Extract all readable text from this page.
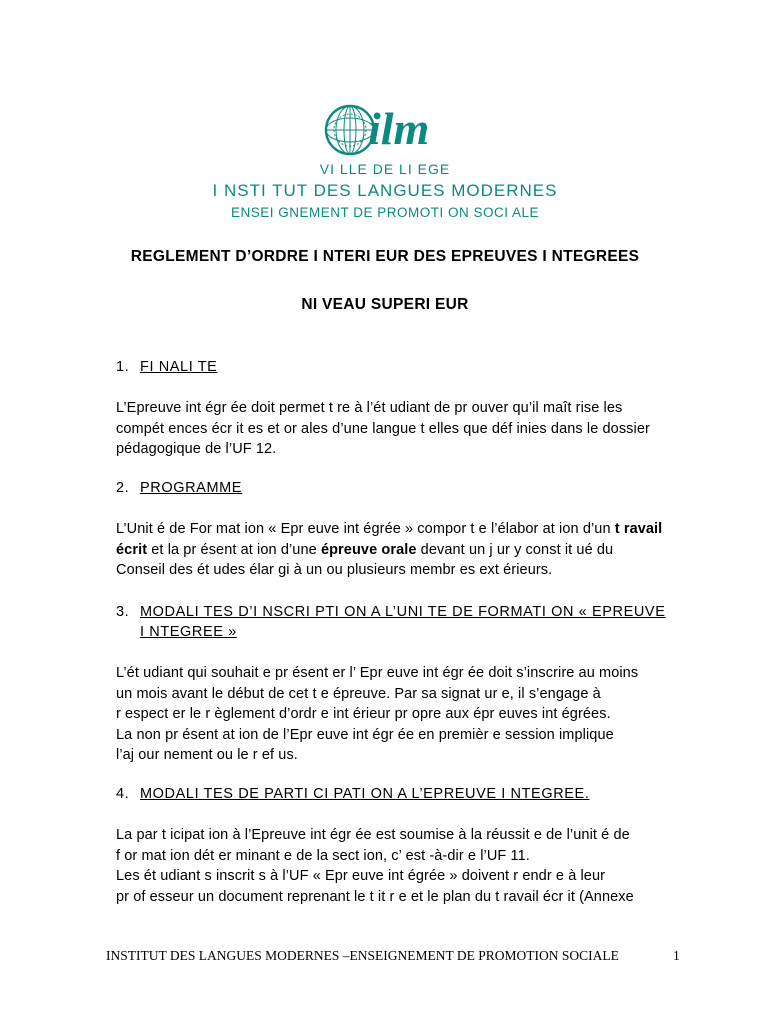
ilm
VI LLE DE LI EGE
I NSTI TUT DES LANGUES MODERNES
ENSEI GNEMENT DE PROMOTI ON SOCI ALE
REGLEMENT D’ORDRE I NTERI EUR DES EPREUVES I NTEGREES
NI VEAU SUPERI EUR
1. FI NALI TE
L’Epreuve int égr ée doit permet t re à l’ét udiant de pr ouver qu’il maît rise les
compét ences écr it es et or ales d’une langue t elles que déf inies dans le dossier
pédagogique de l’UF 12.
2. PROGRAMME
L’Unit é de For mat ion « Epr euve int égrée » compor t e l’élabor at ion d’un t ravail
écrit et la pr ésent at ion d’une épreuve orale devant un j ur y const it ué du
Conseil des ét udes élar gi à un ou plusieurs membr es ext érieurs.
3. MODALI TES D’I NSCRI PTI ON A L’UNI TE DE FORMATI ON « EPREUVE
I NTEGREE »
L’ét udiant qui souhait e pr ésent er l’ Epr euve int égr ée doit s’inscrire au moins
un mois avant le début de cet t e épreuve. Par sa signat ur e, il s’engage à
r espect er le r èglement d’ordr e int érieur pr opre aux épr euves int égrées.
La non pr ésent at ion de l’Epr euve int égr ée en premièr e session implique
l’aj our nement ou le r ef us.
4. MODALI TES DE PARTI CI PATI ON A L’EPREUVE I NTEGREE.
La par t icipat ion à l’Epreuve int égr ée est soumise à la réussit e de l’unit é de
f or mat ion dét er minant e de la sect ion, c’ est -à-dir e l’UF 11.
Les ét udiant s inscrit s à l’UF « Epr euve int égrée » doivent r endr e à leur
pr of esseur un document reprenant le t it r e et le plan du t ravail écr it (Annexe
INSTITUT DES LANGUES MODERNES –ENSEIGNEMENT DE PROMOTION SOCIALE	1
